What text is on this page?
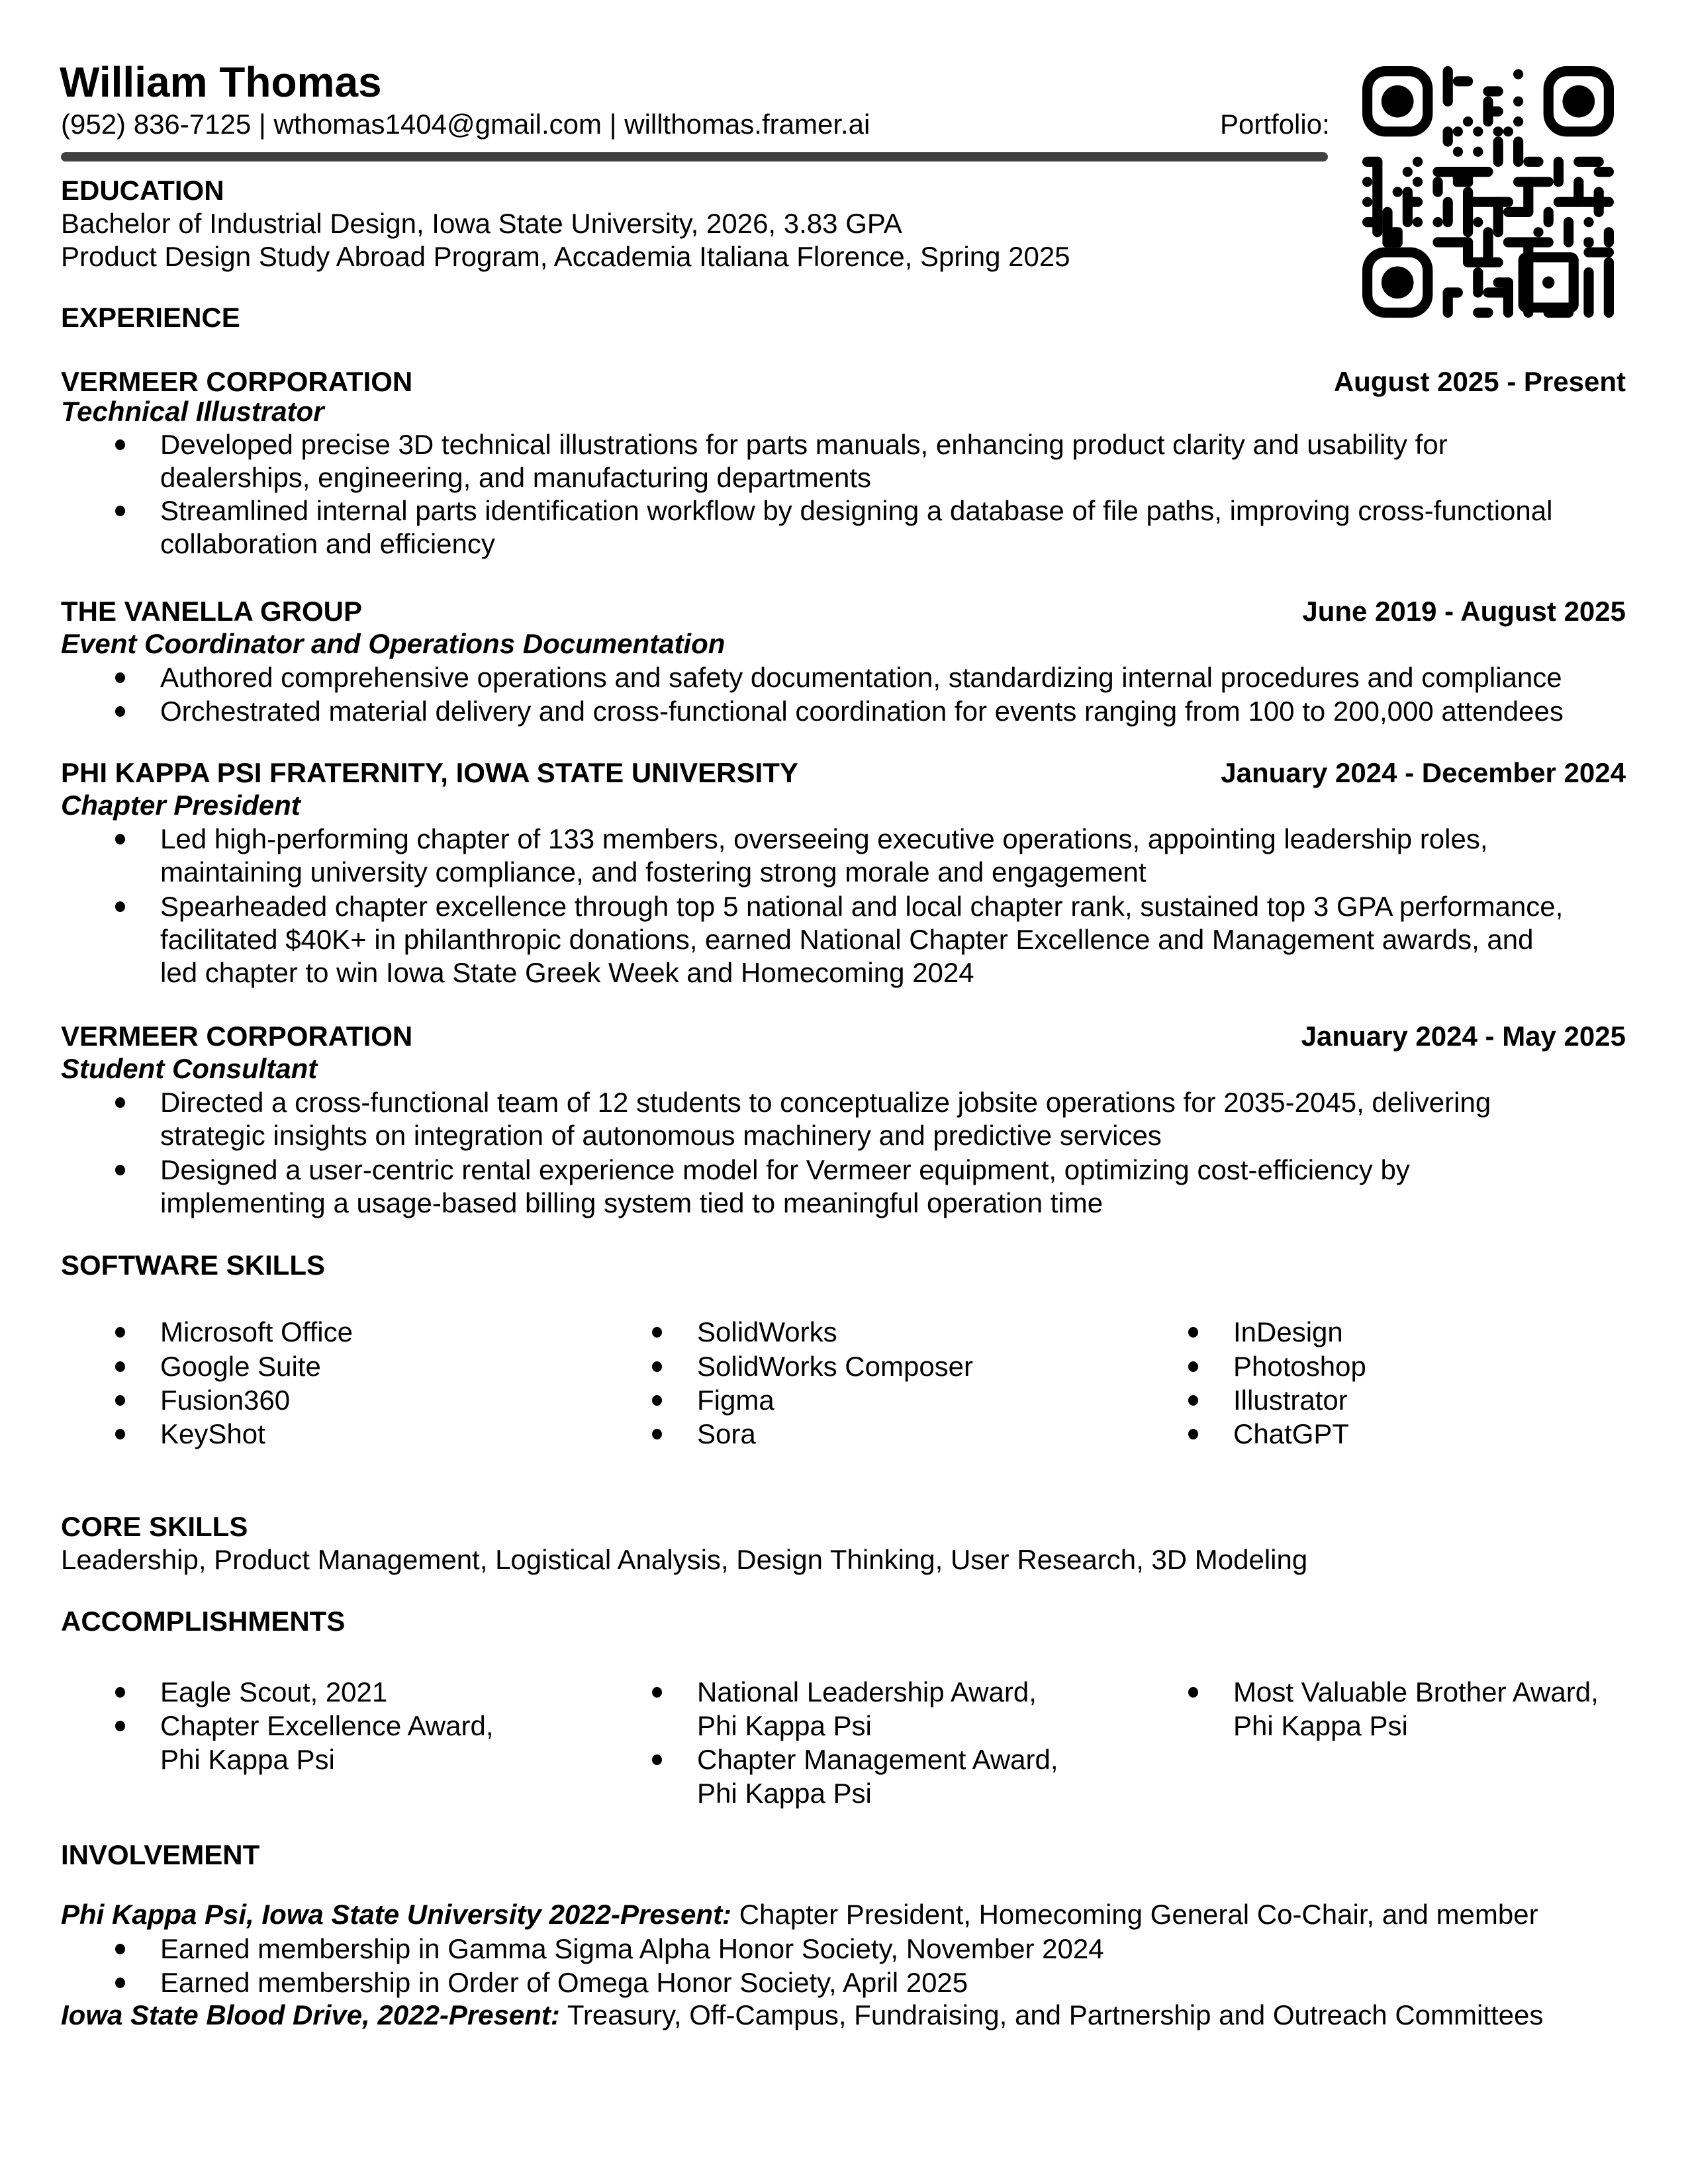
William Thomas
(952) 836-7125 | wthomas1404@gmail.com | willthomas.framer.ai	Portfolio:
EDUCATION
Bachelor of Industrial Design, Iowa State University, 2026, 3.83 GPA
Product Design Study Abroad Program, Accademia Italiana Florence, Spring 2025
EXPERIENCE
VERMEER CORPORATION	August 2025 - Present
Technical Illustrator
Developed precise 3D technical illustrations for parts manuals, enhancing product clarity and usability for
dealerships, engineering, and manufacturing departments
Streamlined internal parts identification workflow by designing a database of file paths, improving cross-functional
collaboration and efficiency
THE VANELLA GROUP	June 2019 - August 2025
Event Coordinator and Operations Documentation
Authored comprehensive operations and safety documentation, standardizing internal procedures and compliance
Orchestrated material delivery and cross-functional coordination for events ranging from 100 to 200,000 attendees
PHI KAPPA PSI FRATERNITY, IOWA STATE UNIVERSITY	January 2024 - December 2024
Chapter President
Led high-performing chapter of 133 members, overseeing executive operations, appointing leadership roles,
maintaining university compliance, and fostering strong morale and engagement
Spearheaded chapter excellence through top 5 national and local chapter rank, sustained top 3 GPA performance,
facilitated $40K+ in philanthropic donations, earned National Chapter Excellence and Management awards, and
led chapter to win Iowa State Greek Week and Homecoming 2024
VERMEER CORPORATION	January 2024 - May 2025
Student Consultant
Directed a cross-functional team of 12 students to conceptualize jobsite operations for 2035-2045, delivering
strategic insights on integration of autonomous machinery and predictive services
Designed a user-centric rental experience model for Vermeer equipment, optimizing cost-efficiency by
implementing a usage-based billing system tied to meaningful operation time
SOFTWARE SKILLS
Microsoft Office
Google Suite
Fusion360
KeyShot
SolidWorks
SolidWorks Composer
Figma
Sora
InDesign
Photoshop
Illustrator
ChatGPT
CORE SKILLS
Leadership, Product Management, Logistical Analysis, Design Thinking, User Research, 3D Modeling
ACCOMPLISHMENTS
Eagle Scout, 2021
Chapter Excellence Award,
Phi Kappa Psi
National Leadership Award,
Phi Kappa Psi
Chapter Management Award,
Phi Kappa Psi
Most Valuable Brother Award,
Phi Kappa Psi
INVOLVEMENT
Phi Kappa Psi, Iowa State University 2022-Present: Chapter President, Homecoming General Co-Chair, and member
Earned membership in Gamma Sigma Alpha Honor Society, November 2024
Earned membership in Order of Omega Honor Society, April 2025
Iowa State Blood Drive, 2022-Present: Treasury, Off-Campus, Fundraising, and Partnership and Outreach Committees
